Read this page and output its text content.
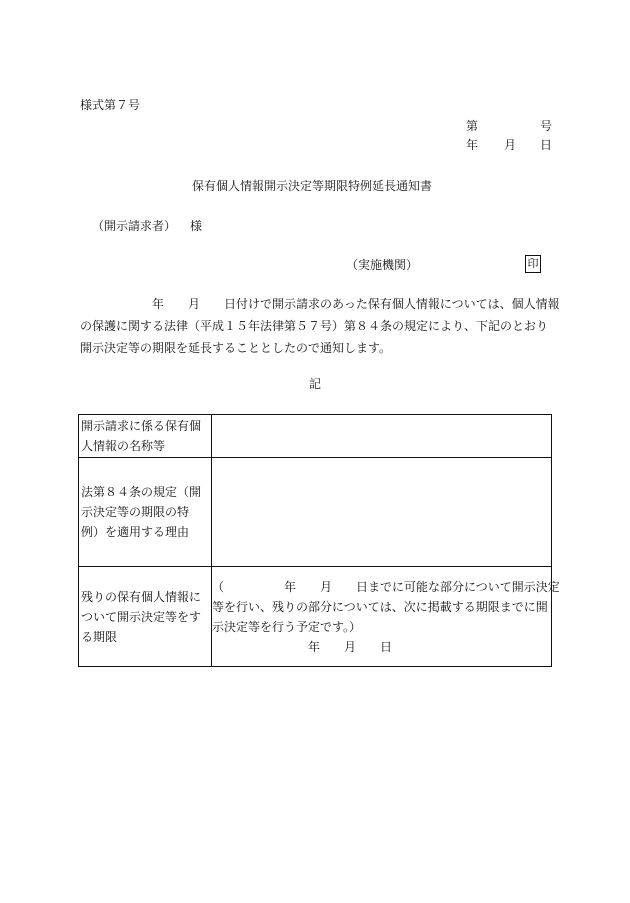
様式第７号
第	号
年 月 日
保有個人情報開示決定等期限特例延長通知書
（開示請求者） 様
（実施機関）	印
　　　　　　年　　月　　日付けで開示請求のあった保有個人情報については、個人情報
の保護に関する法律（平成１５年法律第５７号）第８４条の規定により、下記のとおり
開示決定等の期限を延長することとしたので通知します。
記
開示請求に係る保有個
人情報の名称等	

法第８４条の規定（開
示決定等の期限の特
例）を適用する理由	

残りの保有個人情報に
ついて開示決定等をす
る期限	（　　　　　年　　月　　日までに可能な部分について開示決定
等を行い、残りの部分については、次に掲載する期限までに開
示決定等を行う予定です。）
　　　　　　　　年　　月　　日
